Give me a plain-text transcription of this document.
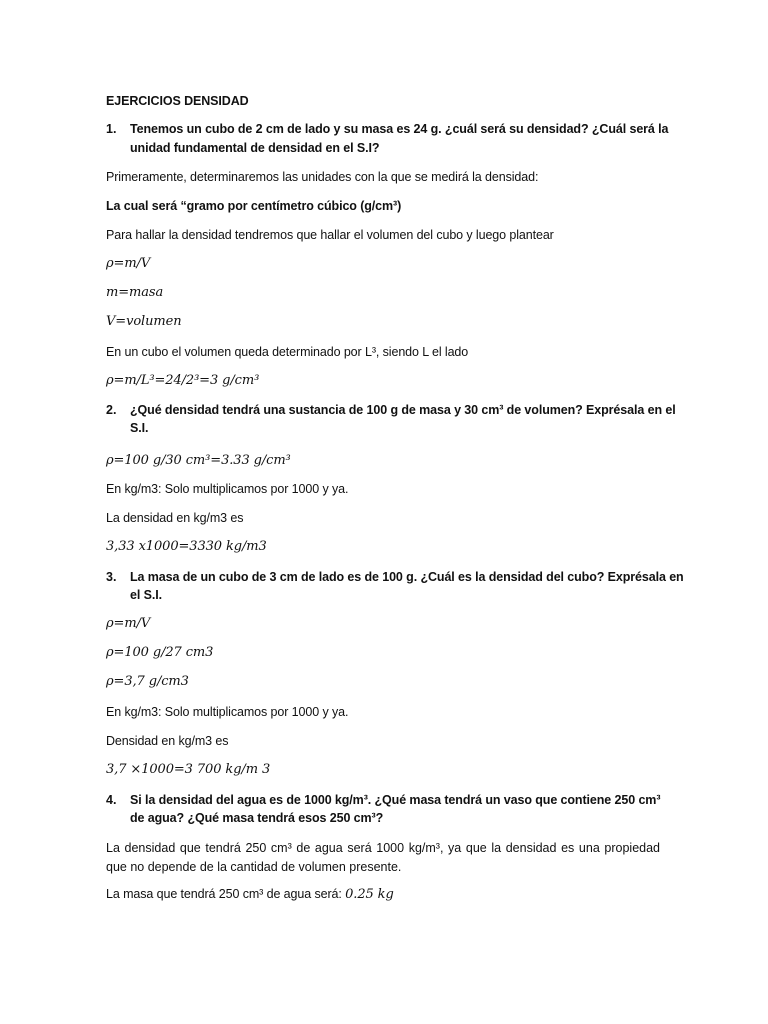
EJERCICIOS DENSIDAD
1. Tenemos un cubo de 2 cm de lado y su masa es 24 g. ¿cuál será su densidad? ¿Cuál será la
unidad fundamental de densidad en el S.I?
Primeramente, determinaremos las unidades con la que se medirá la densidad:
La cual será “gramo por centímetro cúbico (g/cm³)
Para hallar la densidad tendremos que hallar el volumen del cubo y luego plantear
ρ=m/V
m=masa
V=volumen
En un cubo el volumen queda determinado por L³, siendo L el lado
ρ=m/L³=24/2³=3 g/cm³
2. ¿Qué densidad tendrá una sustancia de 100 g de masa y 30 cm³ de volumen? Exprésala en el
S.I.
ρ=100 g/30 cm³=3.33 g/cm³
En kg/m3: Solo multiplicamos por 1000 y ya.
La densidad en kg/m3 es
3,33 x1000=3330 kg/m3
3. La masa de un cubo de 3 cm de lado es de 100 g. ¿Cuál es la densidad del cubo? Exprésala en
el S.I.
ρ=m/V
ρ=100 g/27 cm3
ρ=3,7 g/cm3
En kg/m3: Solo multiplicamos por 1000 y ya.
Densidad en kg/m3 es
3,7 ×1000=3 700 kg/m 3
4. Si la densidad del agua es de 1000 kg/m³. ¿Qué masa tendrá un vaso que contiene 250 cm³
de agua? ¿Qué masa tendrá esos 250 cm³?
La densidad que tendrá 250 cm³ de agua será 1000 kg/m³, ya que la densidad es una propiedad que no depende de la cantidad de volumen presente.
La masa que tendrá 250 cm³ de agua será: 0.25 kg
